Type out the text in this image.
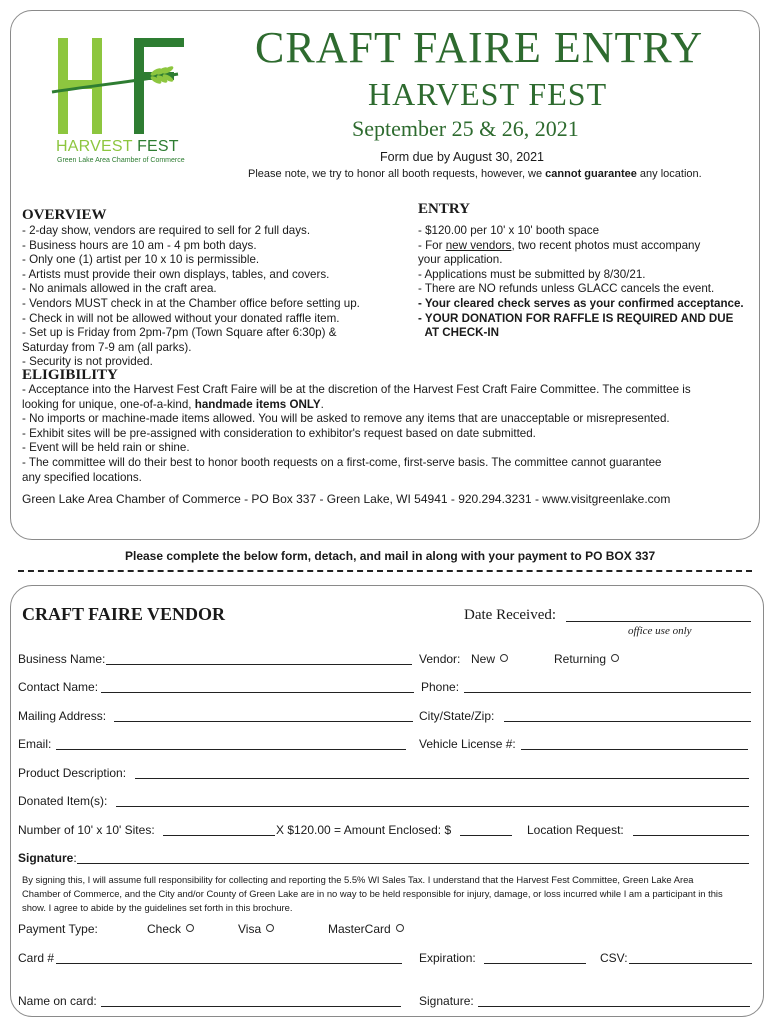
HARVEST FEST
Green Lake Area Chamber of Commerce
CRAFT FAIRE ENTRY
HARVEST FEST
September 25 & 26, 2021
Form due by August 30, 2021
Please note, we try to honor all booth requests, however, we cannot guarantee any location.
OVERVIEW
- 2-day show, vendors are required to sell for 2 full days.
- Business hours are 10 am - 4 pm both days.
- Only one (1) artist per 10 x 10 is permissible.
- Artists must provide their own displays, tables, and covers.
- No animals allowed in the craft area.
- Vendors MUST check in at the Chamber office before setting up.
- Check in will not be allowed without your donated raffle item.
- Set up is Friday from 2pm-7pm (Town Square after 6:30p) &
Saturday from 7-9 am (all parks).
- Security is not provided.
ENTRY
- $120.00 per 10' x 10' booth space
- For new vendors, two recent photos must accompany
your application.
- Applications must be submitted by 8/30/21.
- There are NO refunds unless GLACC cancels the event.
- Your cleared check serves as your confirmed acceptance.
- YOUR DONATION FOR RAFFLE IS REQUIRED AND DUE
AT CHECK-IN
ELIGIBILITY
- Acceptance into the Harvest Fest Craft Faire will be at the discretion of the Harvest Fest Craft Faire Committee. The committee is
looking for unique, one-of-a-kind, handmade items ONLY.
- No imports or machine-made items allowed. You will be asked to remove any items that are unacceptable or misrepresented.
- Exhibit sites will be pre-assigned with consideration to exhibitor's request based on date submitted.
- Event will be held rain or shine.
- The committee will do their best to honor booth requests on a first-come, first-serve basis. The committee cannot guarantee
any specified locations.
Green Lake Area Chamber of Commerce - PO Box 337 - Green Lake, WI 54941 - 920.294.3231 - www.visitgreenlake.com
Please complete the below form, detach, and mail in along with your payment to PO BOX 337
CRAFT FAIRE VENDOR	Date Received:
office use only
Business Name:	Vendor: New	Returning
Contact Name:	Phone:
Mailing Address:	City/State/Zip:
Email:	Vehicle License #:
Product Description:
Donated Item(s):
Number of 10' x 10' Sites:	X $120.00 = Amount Enclosed: $	Location Request:
Signature:
By signing this, I will assume full responsibility for collecting and reporting the 5.5% WI Sales Tax. I understand that the Harvest Fest Committee, Green Lake Area Chamber of Commerce, and the City and/or County of Green Lake are in no way to be held responsible for injury, damage, or loss incurred while I am a participant in this show. I agree to abide by the guidelines set forth in this brochure.
Payment Type:	Check	Visa	MasterCard
Card #	Expiration:	CSV:
Name on card:	Signature:
